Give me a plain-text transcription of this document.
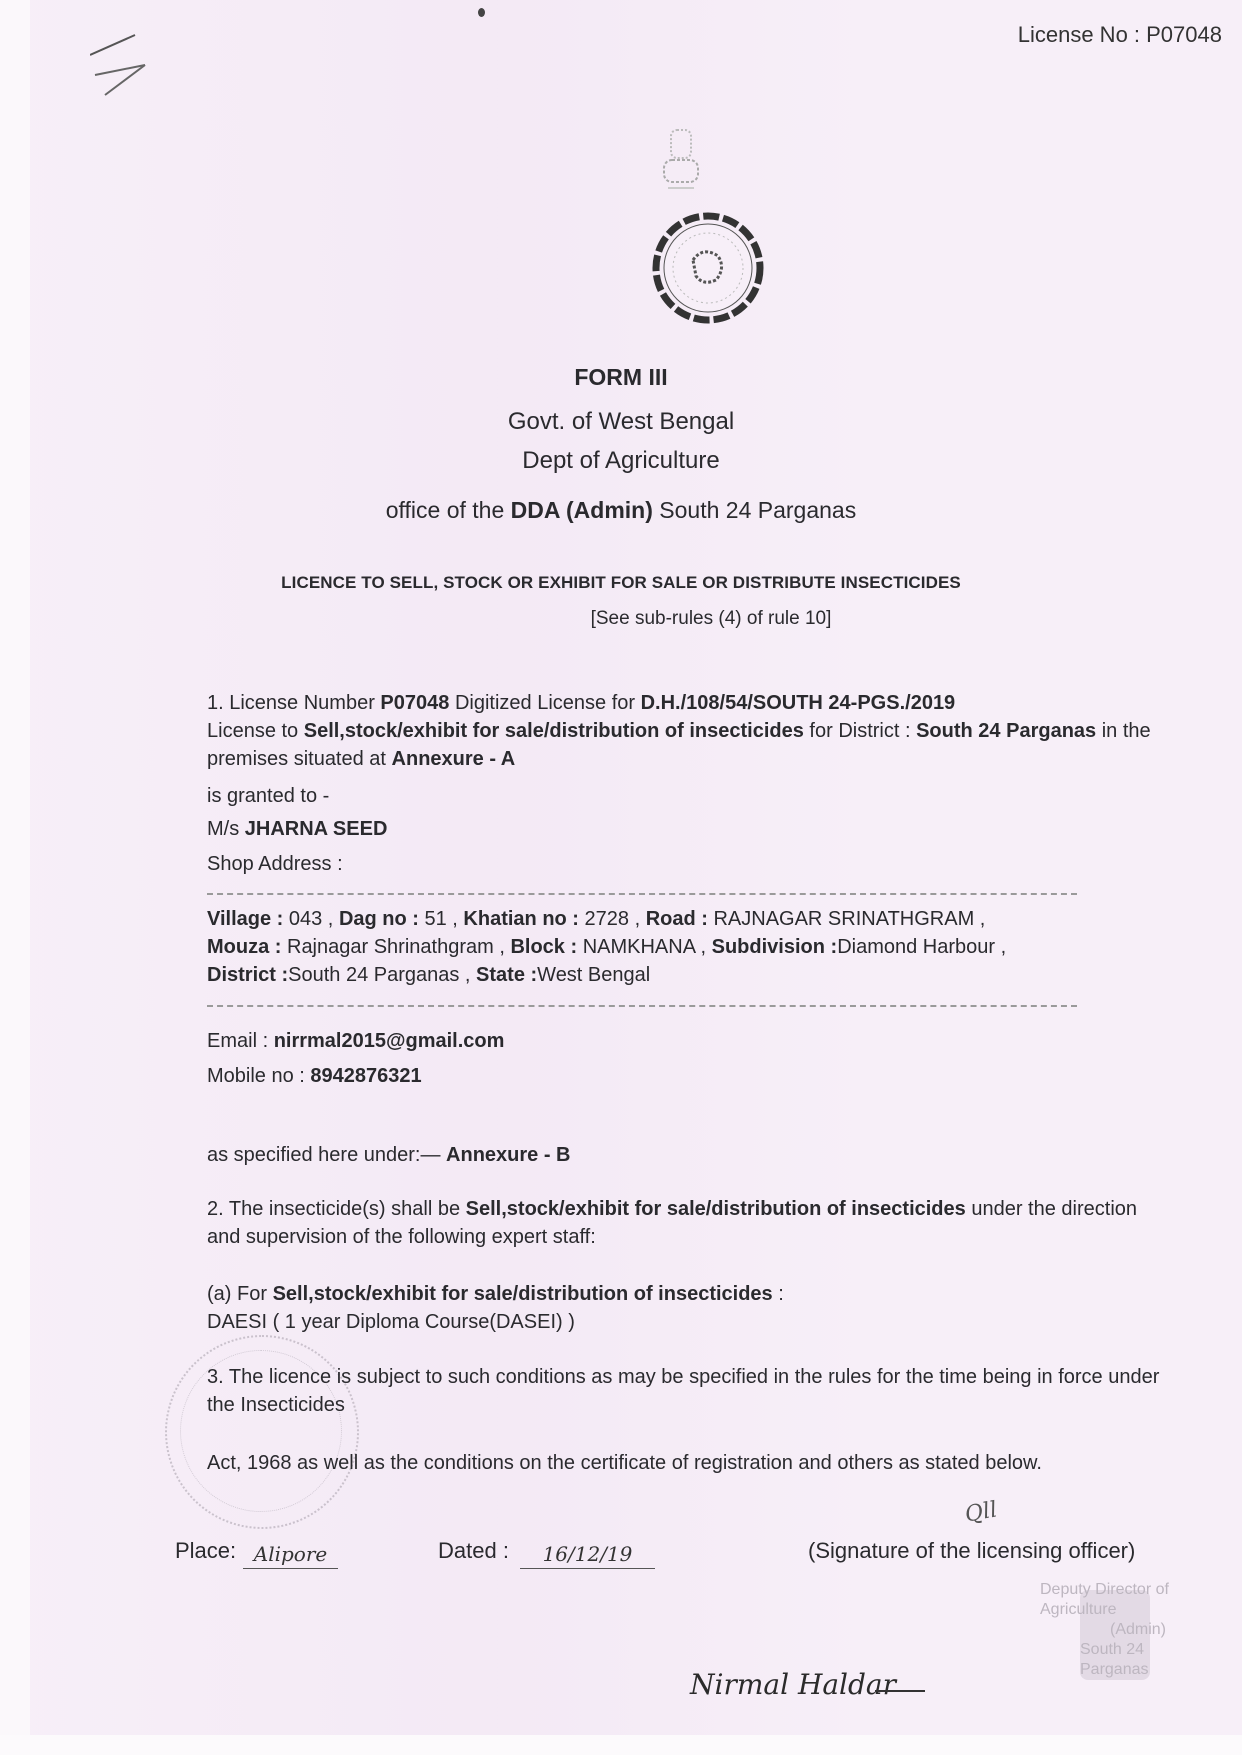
License No : P07048
FORM III
Govt. of West Bengal
Dept of Agriculture
office of the DDA (Admin) South 24 Parganas
LICENCE TO SELL, STOCK OR EXHIBIT FOR SALE OR DISTRIBUTE INSECTICIDES
[See sub-rules (4) of rule 10]
1. License Number P07048 Digitized License for D.H./108/54/SOUTH 24-PGS./2019
License to Sell,stock/exhibit for sale/distribution of insecticides for District : South 24 Parganas in the premises situated at Annexure - A
is granted to -
M/s JHARNA SEED
Shop Address :
Village : 043 , Dag no : 51 , Khatian no : 2728 , Road : RAJNAGAR SRINATHGRAM ,
Mouza : Rajnagar Shrinathgram , Block : NAMKHANA , Subdivision :Diamond Harbour ,
District :South 24 Parganas , State :West Bengal
Email : nirrmal2015@gmail.com
Mobile no : 8942876321
as specified here under:— Annexure - B
2. The insecticide(s) shall be Sell,stock/exhibit for sale/distribution of insecticides under the direction and supervision of the following expert staff:
(a) For Sell,stock/exhibit for sale/distribution of insecticides :
DAESI ( 1 year Diploma Course(DASEI) )
3. The licence is subject to such conditions as may be specified in the rules for the time being in force under the Insecticides
Act, 1968 as well as the conditions on the certificate of registration and others as stated below.
Qll
Place: Alipore	Dated :	16/12/19	(Signature of the licensing officer)
Deputy Director of Agriculture
(Admin)
South 24 Parganas
Nirmal Haldar
